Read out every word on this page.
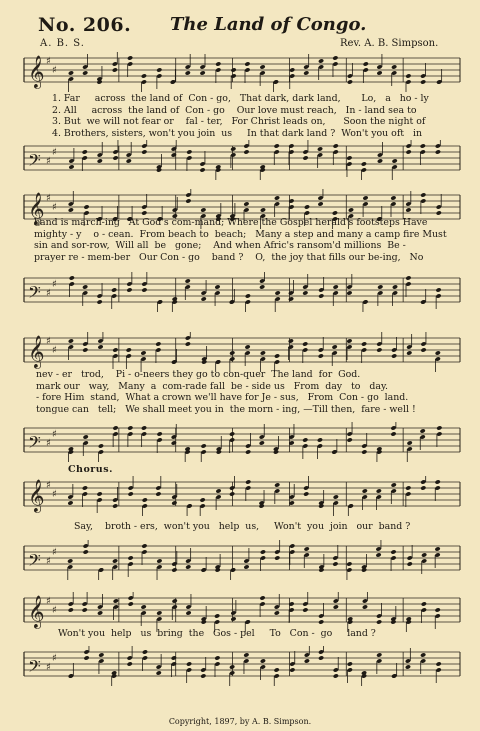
No. 206. The Land of Congo.
A. B. S.	Rev. A. B. Simpson.
𝄞 ♯
♯
1. Far     across  the land of  Con - go,   That dark, dark land,       Lo,   a   ho - ly
2. All     across  the land of  Con - go    Our love must reach,   In - land sea to
3. But  we will not fear or    fal - ter,   For Christ leads on,      Soon the night of
4. Brothers, sisters, won't you join  us     In that dark land ?  Won't you oft   in
𝄢 ♯
♯
𝄞 ♯
♯
band is march-ing   At God's com-mand; Where the Gospel herald's footsteps Have
mighty - y    o - cean.  From beach to  beach;   Many a step and many a camp fire Must
sin and sor-row,  Will all  be   gone;    And when Afric's ransom'd millions  Be -
prayer re - mem-ber   Our Con - go    band ?    O,  the joy that fills our be-ing,   No
𝄢 ♯
♯
𝄞 ♯
♯
nev - er   trod,    Pi - o-neers they go to con-quer  The land  for  God.
mark our   way,   Many  a  com-rade fall  be - side us   From  day   to   day.
- fore Him  stand,  What a crown we'll have for Je - sus,   From  Con - go  land.
tongue can   tell;   We shall meet you in  the morn - ing, —Till then,  fare - well !
𝄢 ♯
♯
Chorus.
𝄞 ♯
♯
Say,    broth - ers,  won't you   help  us,     Won't  you  join   our  band ?
𝄢 ♯
♯
𝄞 ♯
♯
Won't you  help   us  bring  the   Gos - pel     To   Con -  go     land ?
𝄢 ♯
♯
Copyright, 1897, by A. B. Simpson.
